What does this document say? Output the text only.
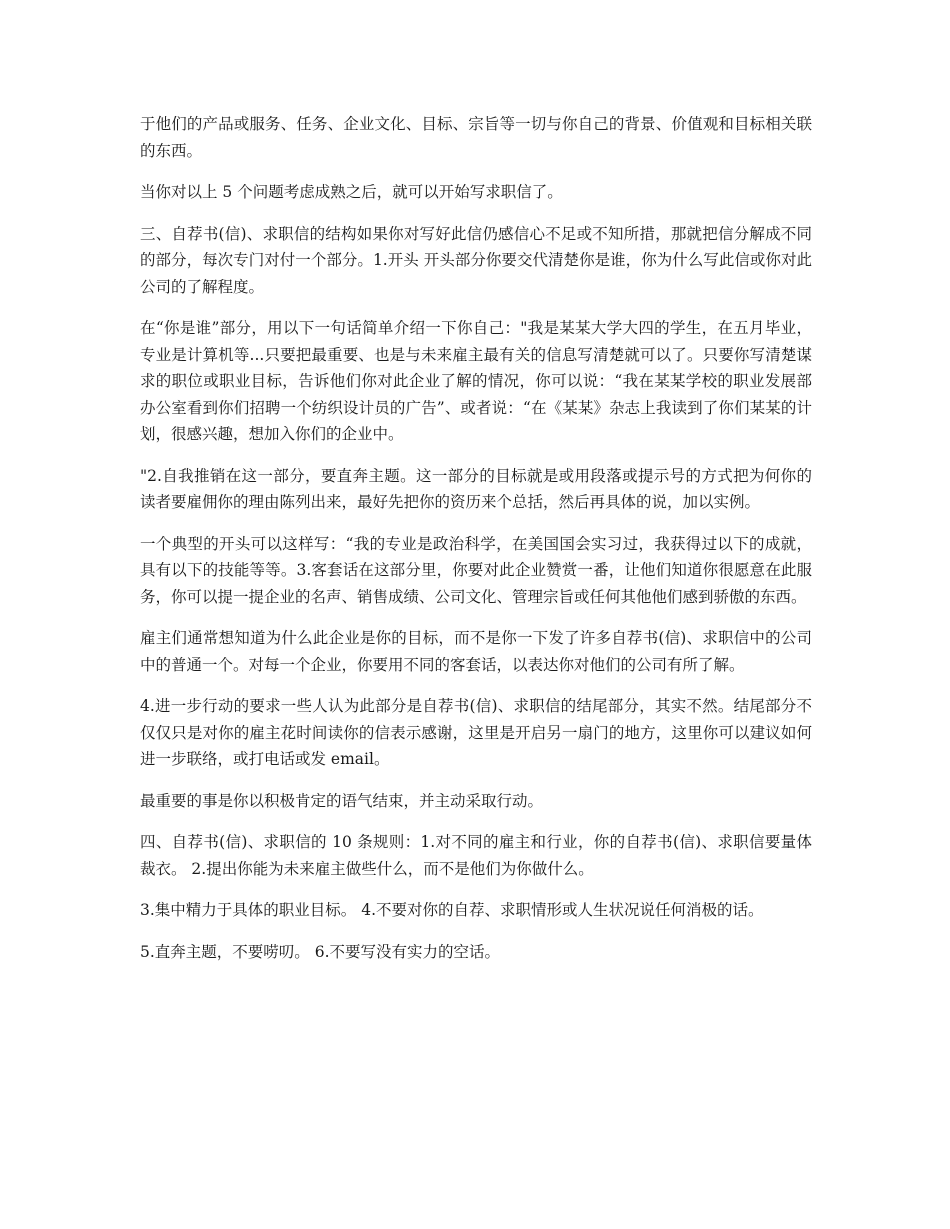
于他们的产品或服务、任务、企业文化、目标、宗旨等一切与你自己的背景、价值观和目标相关联的东西。

当你对以上 5 个问题考虑成熟之后，就可以开始写求职信了。

三、自荐书(信)、求职信的结构如果你对写好此信仍感信心不足或不知所措，那就把信分解成不同的部分，每次专门对付一个部分。1.开头 开头部分你要交代清楚你是谁，你为什么写此信或你对此公司的了解程度。

在“你是谁”部分，用以下一句话简单介绍一下你自己："我是某某大学大四的学生，在五月毕业，专业是计算机等...只要把最重要、也是与未来雇主最有关的信息写清楚就可以了。只要你写清楚谋求的职位或职业目标，告诉他们你对此企业了解的情况，你可以说：“我在某某学校的职业发展部办公室看到你们招聘一个纺织设计员的广告”、或者说：“在《某某》杂志上我读到了你们某某的计划，很感兴趣，想加入你们的企业中。

"2.自我推销在这一部分，要直奔主题。这一部分的目标就是或用段落或提示号的方式把为何你的读者要雇佣你的理由陈列出来，最好先把你的资历来个总括，然后再具体的说，加以实例。

一个典型的开头可以这样写：“我的专业是政治科学，在美国国会实习过，我获得过以下的成就，具有以下的技能等等。3.客套话在这部分里，你要对此企业赞赏一番，让他们知道你很愿意在此服务，你可以提一提企业的名声、销售成绩、公司文化、管理宗旨或任何其他他们感到骄傲的东西。

雇主们通常想知道为什么此企业是你的目标，而不是你一下发了许多自荐书(信)、求职信中的公司中的普通一个。对每一个企业，你要用不同的客套话，以表达你对他们的公司有所了解。

4.进一步行动的要求一些人认为此部分是自荐书(信)、求职信的结尾部分，其实不然。结尾部分不仅仅只是对你的雇主花时间读你的信表示感谢，这里是开启另一扇门的地方，这里你可以建议如何进一步联络，或打电话或发 email。

最重要的事是你以积极肯定的语气结束，并主动采取行动。

四、自荐书(信)、求职信的 10 条规则：1.对不同的雇主和行业，你的自荐书(信)、求职信要量体裁衣。 2.提出你能为未来雇主做些什么，而不是他们为你做什么。

3.集中精力于具体的职业目标。 4.不要对你的自荐、求职情形或人生状况说任何消极的话。

5.直奔主题，不要唠叨。 6.不要写没有实力的空话。
